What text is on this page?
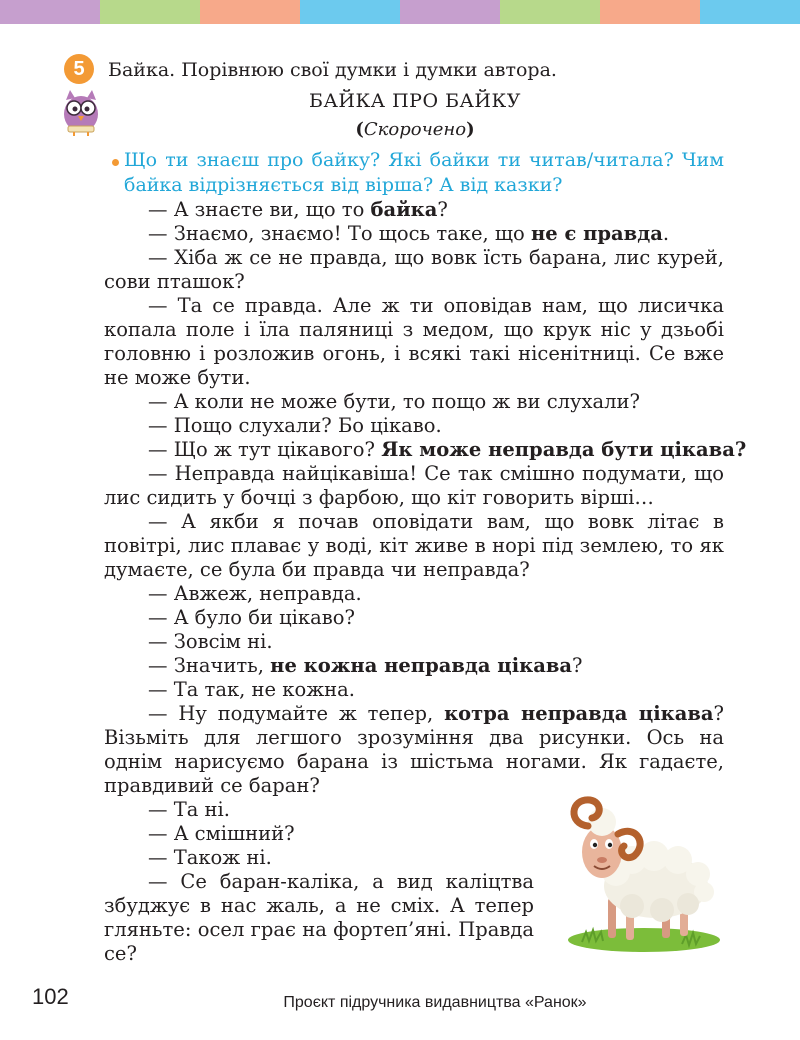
5	Байка. Порівнюю свої думки і думки автора.
БАЙКА ПРО БАЙКУ
(Скорочено)
Що ти знаєш про байку? Які байки ти читав/читала? Чим байка відрізняється від вірша? А від казки?

— А знаєте ви, що то байка?

— Знаємо, знаємо! То щось таке, що не є правда.

— Хіба ж се не правда, що вовк їсть барана, лис курей, сови пташок?

— Та се правда. Але ж ти оповідав нам, що лисичка копала поле і їла паляниці з медом, що крук ніс у дзьобі головню і розложив огонь, і всякі такі нісенітниці. Се вже не може бути.

— А коли не може бути, то пощо ж ви слухали?

— Пощо слухали? Бо цікаво.

— Що ж тут цікавого? Як може неправда бути цікава?

— Неправда найцікавіша! Се так смішно подумати, що лис сидить у бочці з фарбою, що кіт говорить вірші…

— А якби я почав оповідати вам, що вовк літає в повітрі, лис плаває у воді, кіт живе в норі під землею, то як думаєте, се була би правда чи неправда?

— Авжеж, неправда.

— А було би цікаво?

— Зовсім ні.

— Значить, не кожна неправда цікава?

— Та так, не кожна.

— Ну подумайте ж тепер, котра неправда цікава? Візьміть для легшого зрозуміння два рисунки. Ось на однім нарисуємо барана із шістьма ногами. Як гадаєте, правдивий се баран?

— Та ні.

— А смішний?

— Також ні.

— Се баран-каліка, а вид каліцтва збуджує в нас жаль, а не сміх. А тепер гляньте: осел грає на фортеп’яні. Правда се?

102	Проєкт підручника видавництва «Ранок»
